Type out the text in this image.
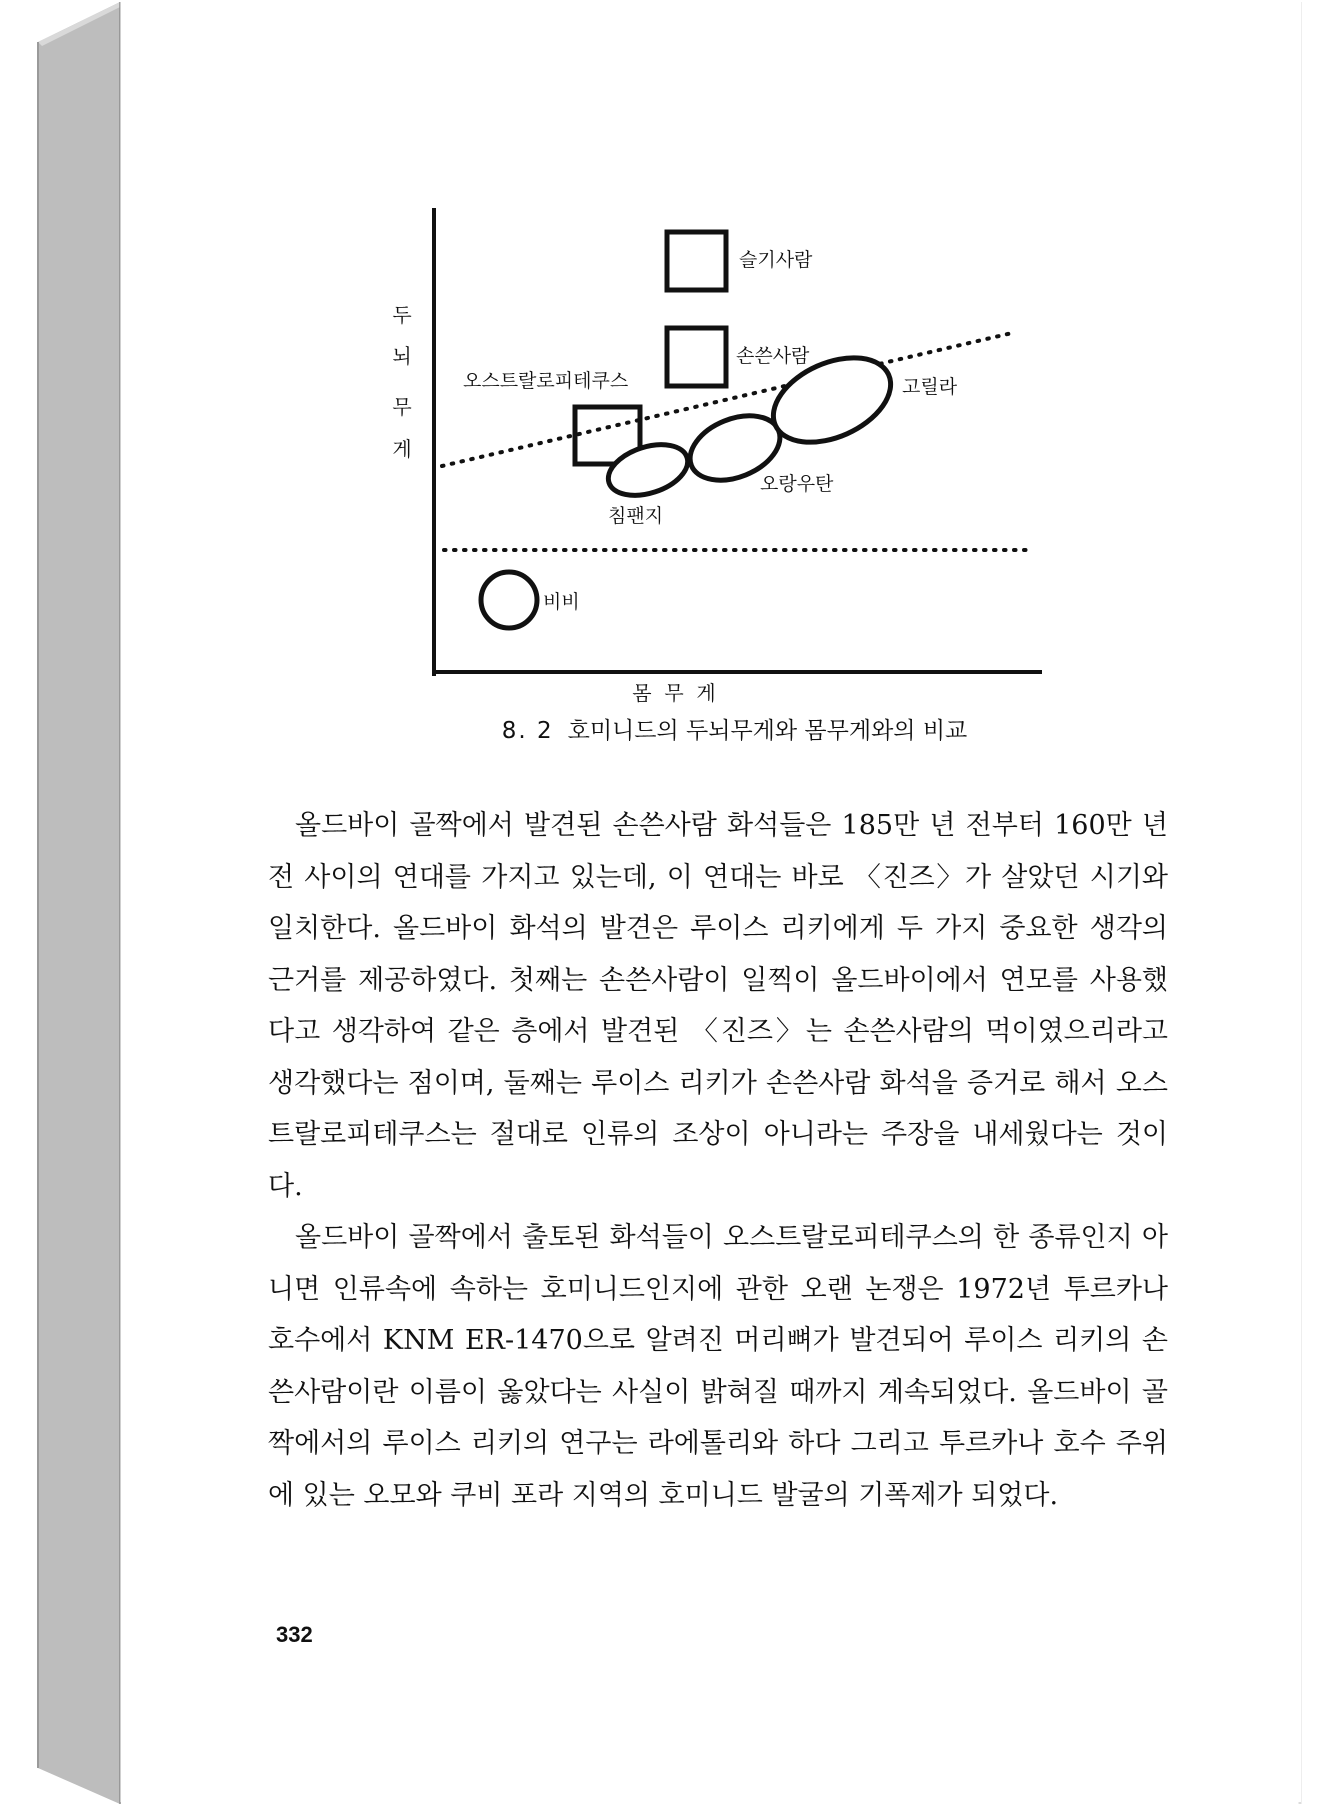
두
뇌
무
게
몸  무  게
슬기사람
손쓴사람
오스트랄로피테쿠스	고릴라
오랑우탄
침팬지
비비
8. 2 호미니드의 두뇌무게와 몸무게와의 비교

올드바이 골짝에서 발견된 손쓴사람 화석들은 185만 년 전부터 160만 년 전 사이의 연대를 가지고 있는데, 이 연대는 바로 〈진즈〉가 살았던 시기와 일치한다. 올드바이 화석의 발견은 루이스 리키에게 두 가지 중요한 생각의 근거를 제공하였다. 첫째는 손쓴사람이 일찍이 올드바이에서 연모를 사용했다고 생각하여 같은 층에서 발견된 〈진즈〉는 손쓴사람의 먹이였으리라고 생각했다는 점이며, 둘째는 루이스 리키가 손쓴사람 화석을 증거로 해서 오스트랄로피테쿠스는 절대로 인류의 조상이 아니라는 주장을 내세웠다는 것이다.

올드바이 골짝에서 출토된 화석들이 오스트랄로피테쿠스의 한 종류인지 아니면 인류속에 속하는 호미니드인지에 관한 오랜 논쟁은 1972년 투르카나 호수에서 KNM ER-1470으로 알려진 머리뼈가 발견되어 루이스 리키의 손쓴사람이란 이름이 옳았다는 사실이 밝혀질 때까지 계속되었다. 올드바이 골짝에서의 루이스 리키의 연구는 라에톨리와 하다 그리고 투르카나 호수 주위에 있는 오모와 쿠비 포라 지역의 호미니드 발굴의 기폭제가 되었다.

332
